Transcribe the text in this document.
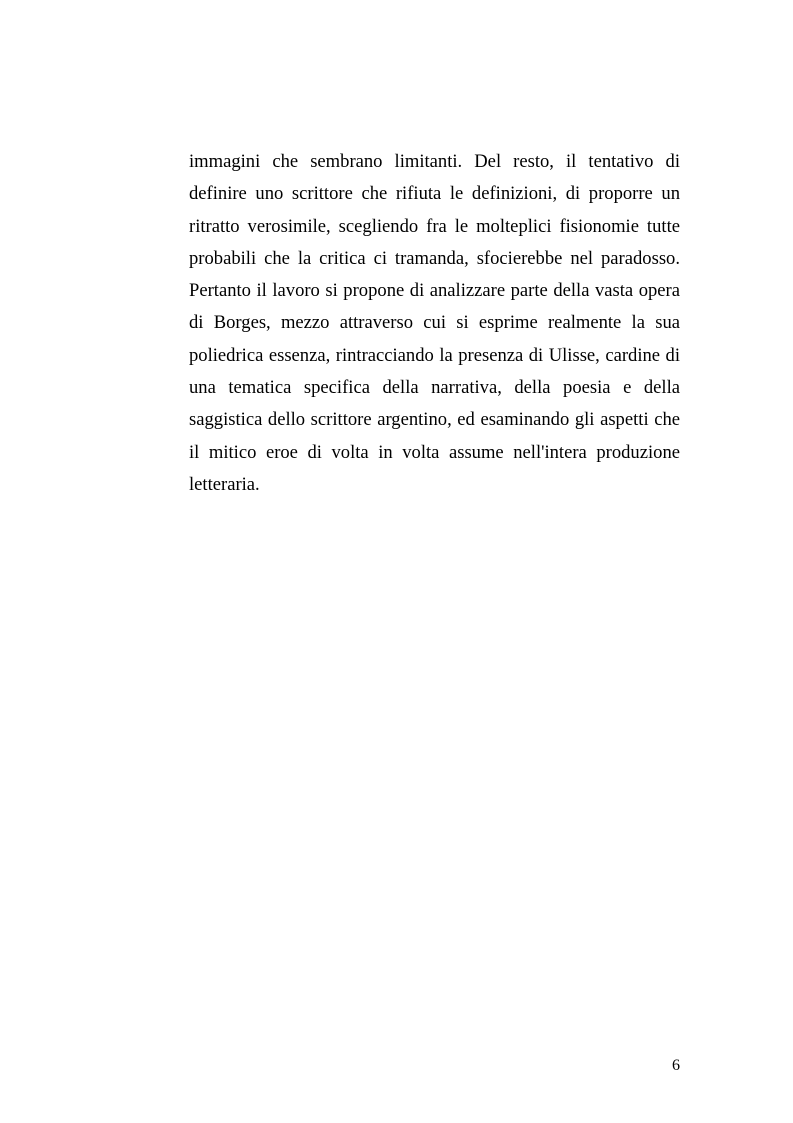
immagini che sembrano limitanti. Del resto, il tentativo di
definire uno scrittore che rifiuta le definizioni, di proporre un
ritratto verosimile, scegliendo fra le molteplici fisionomie tutte
probabili che la critica ci tramanda, sfocierebbe nel paradosso.
Pertanto il lavoro si propone di analizzare parte della vasta opera
di Borges, mezzo attraverso cui si esprime realmente la sua
poliedrica essenza, rintracciando la presenza di Ulisse, cardine di
una tematica specifica della narrativa, della poesia e della
saggistica dello scrittore argentino, ed esaminando gli aspetti che
il mitico eroe di volta in volta assume nell'intera produzione
letteraria.
6
